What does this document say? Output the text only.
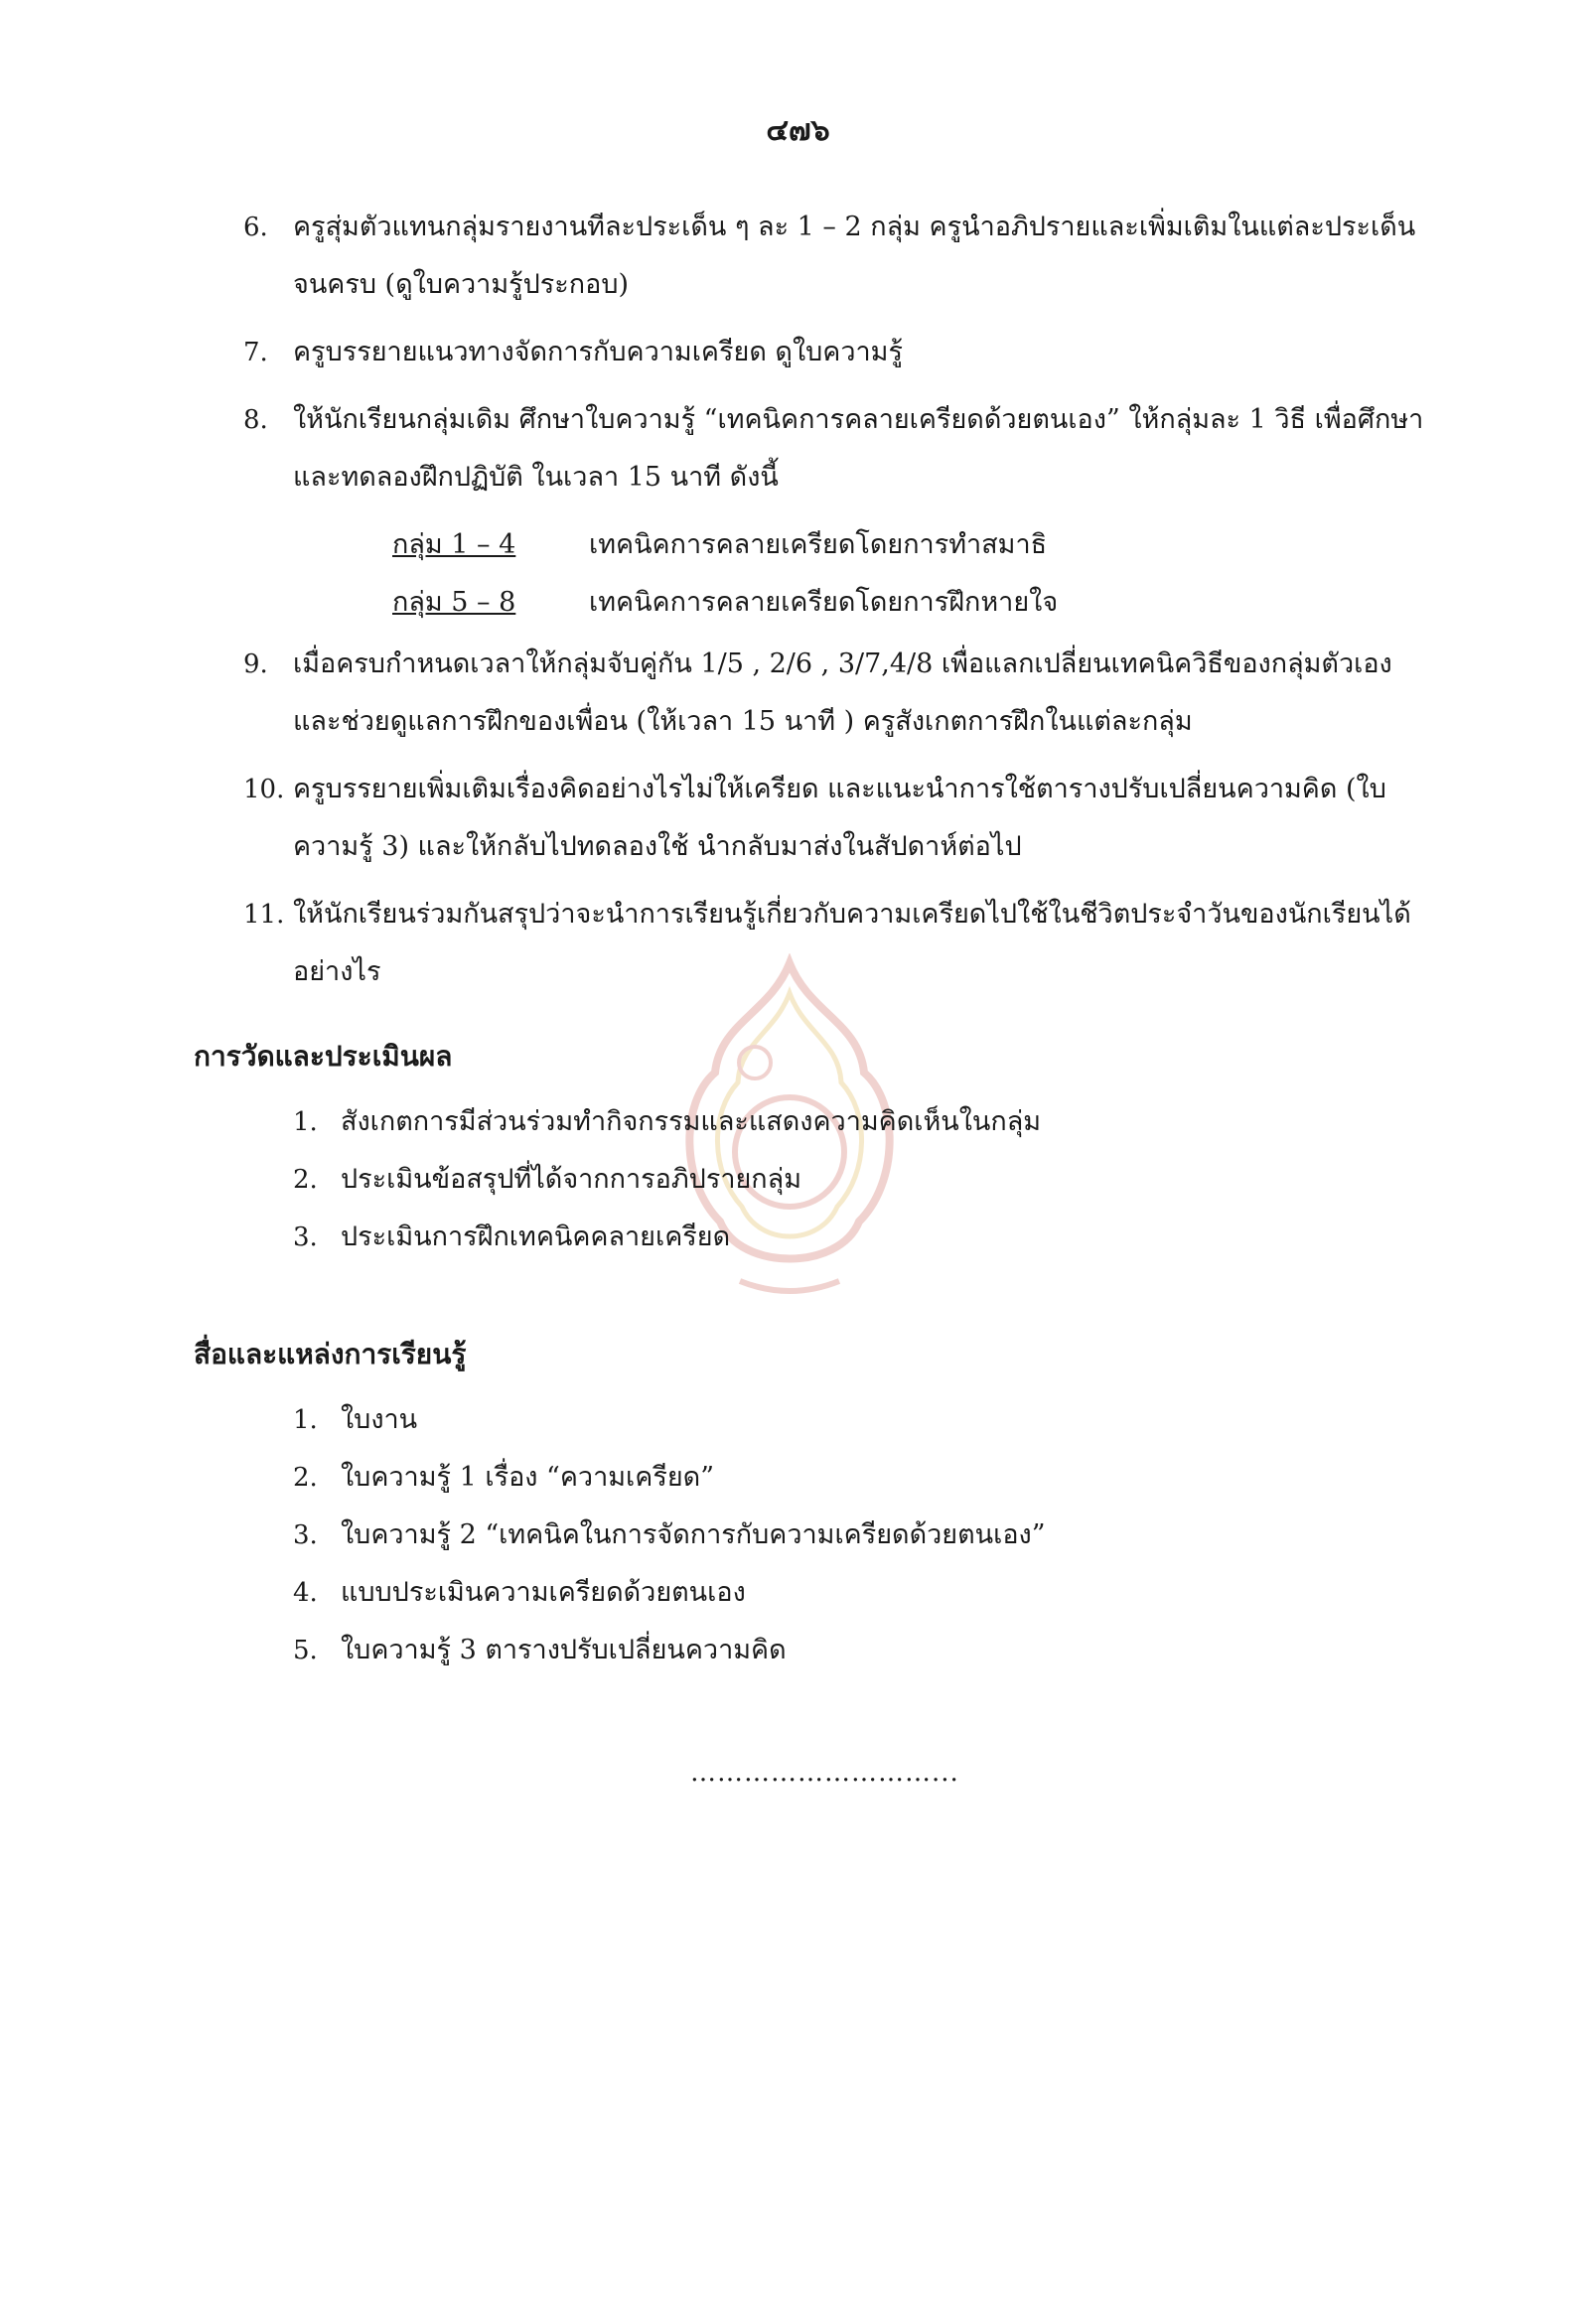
๔๗๖
6. ครูสุ่มตัวแทนกลุ่มรายงานทีละประเด็น ๆ ละ 1 – 2 กลุ่ม ครูนำอภิปรายและเพิ่มเติมในแต่ละประเด็นจนครบ (ดูใบความรู้ประกอบ)
7. ครูบรรยายแนวทางจัดการกับความเครียด ดูใบความรู้
8. ให้นักเรียนกลุ่มเดิม ศึกษาใบความรู้ “เทคนิคการคลายเครียดด้วยตนเอง” ให้กลุ่มละ 1 วิธี เพื่อศึกษาและทดลองฝึกปฏิบัติ ในเวลา 15 นาที ดังนี้
กลุ่ม 1 – 4	เทคนิคการคลายเครียดโดยการทำสมาธิ
กลุ่ม 5 – 8	เทคนิคการคลายเครียดโดยการฝึกหายใจ
9. เมื่อครบกำหนดเวลาให้กลุ่มจับคู่กัน 1/5 , 2/6 , 3/7,4/8 เพื่อแลกเปลี่ยนเทคนิควิธีของกลุ่มตัวเอง และช่วยดูแลการฝึกของเพื่อน (ให้เวลา 15 นาที ) ครูสังเกตการฝึกในแต่ละกลุ่ม
10. ครูบรรยายเพิ่มเติมเรื่องคิดอย่างไรไม่ให้เครียด และแนะนำการใช้ตารางปรับเปลี่ยนความคิด (ใบความรู้ 3) และให้กลับไปทดลองใช้ นำกลับมาส่งในสัปดาห์ต่อไป
11. ให้นักเรียนร่วมกันสรุปว่าจะนำการเรียนรู้เกี่ยวกับความเครียดไปใช้ในชีวิตประจำวันของนักเรียนได้อย่างไร
การวัดและประเมินผล
1. สังเกตการมีส่วนร่วมทำกิจกรรมและแสดงความคิดเห็นในกลุ่ม
2. ประเมินข้อสรุปที่ได้จากการอภิปรายกลุ่ม
3. ประเมินการฝึกเทคนิคคลายเครียด
สื่อและแหล่งการเรียนรู้
1. ใบงาน
2. ใบความรู้ 1 เรื่อง “ความเครียด”
3. ใบความรู้ 2 “เทคนิคในการจัดการกับความเครียดด้วยตนเอง”
4. แบบประเมินความเครียดด้วยตนเอง
5. ใบความรู้ 3 ตารางปรับเปลี่ยนความคิด
………………………...
